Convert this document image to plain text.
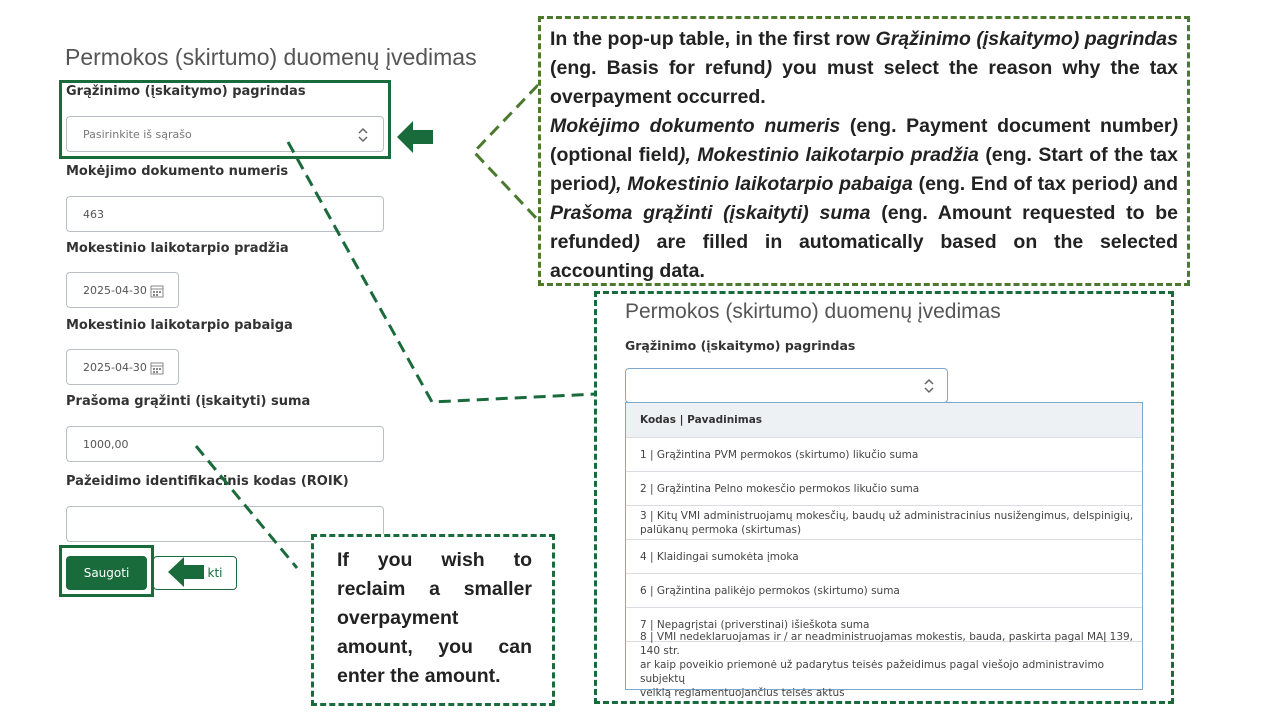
Permokos (skirtumo) duomenų įvedimas
Grąžinimo (įskaitymo) pagrindas
Pasirinkite iš sąrašo
Mokėjimo dokumento numeris
463
Mokestinio laikotarpio pradžia
2025-04-30
Mokestinio laikotarpio pabaiga
2025-04-30
Prašoma grąžinti (įskaityti) suma
1000,00
Pažeidimo identifikacinis kodas (ROIK)
Saugoti	kti
In the pop-up table, in the first row Grąžinimo (įskaitymo) pagrindas (eng. Basis for refund) you must select the reason why the tax overpayment occurred.
Mokėjimo dokumento numeris (eng. Payment document number) (optional field), Mokestinio laikotarpio pradžia (eng. Start of the tax period), Mokestinio laikotarpio pabaiga (eng. End of tax period) and Prašoma grąžinti (įskaityti) suma (eng. Amount requested to be refunded) are filled in automatically based on the selected accounting data.
Permokos (skirtumo) duomenų įvedimas
Grąžinimo (įskaitymo) pagrindas
Kodas | Pavadinimas
1 | Grąžintina PVM permokos (skirtumo) likučio suma
2 | Grąžintina Pelno mokesčio permokos likučio suma
3 | Kitų VMI administruojamų mokesčių, baudų už administracinius nusižengimus, delspinigių,
palūkanų permoka (skirtumas)
4 | Klaidingai sumokėta įmoka
6 | Grąžintina palikėjo permokos (skirtumo) suma
7 | Nepagrįstai (priverstinai) išieškota suma
8 | VMI nedeklaruojamas ir / ar neadministruojamas mokestis, bauda, paskirta pagal MAĮ 139, 140 str.
ar kaip poveikio priemonė už padarytus teisės pažeidimus pagal viešojo administravimo subjektų
veiklą reglamentuojančius teisės aktus
If you wish to reclaim a smaller overpayment amount, you can enter the amount.
